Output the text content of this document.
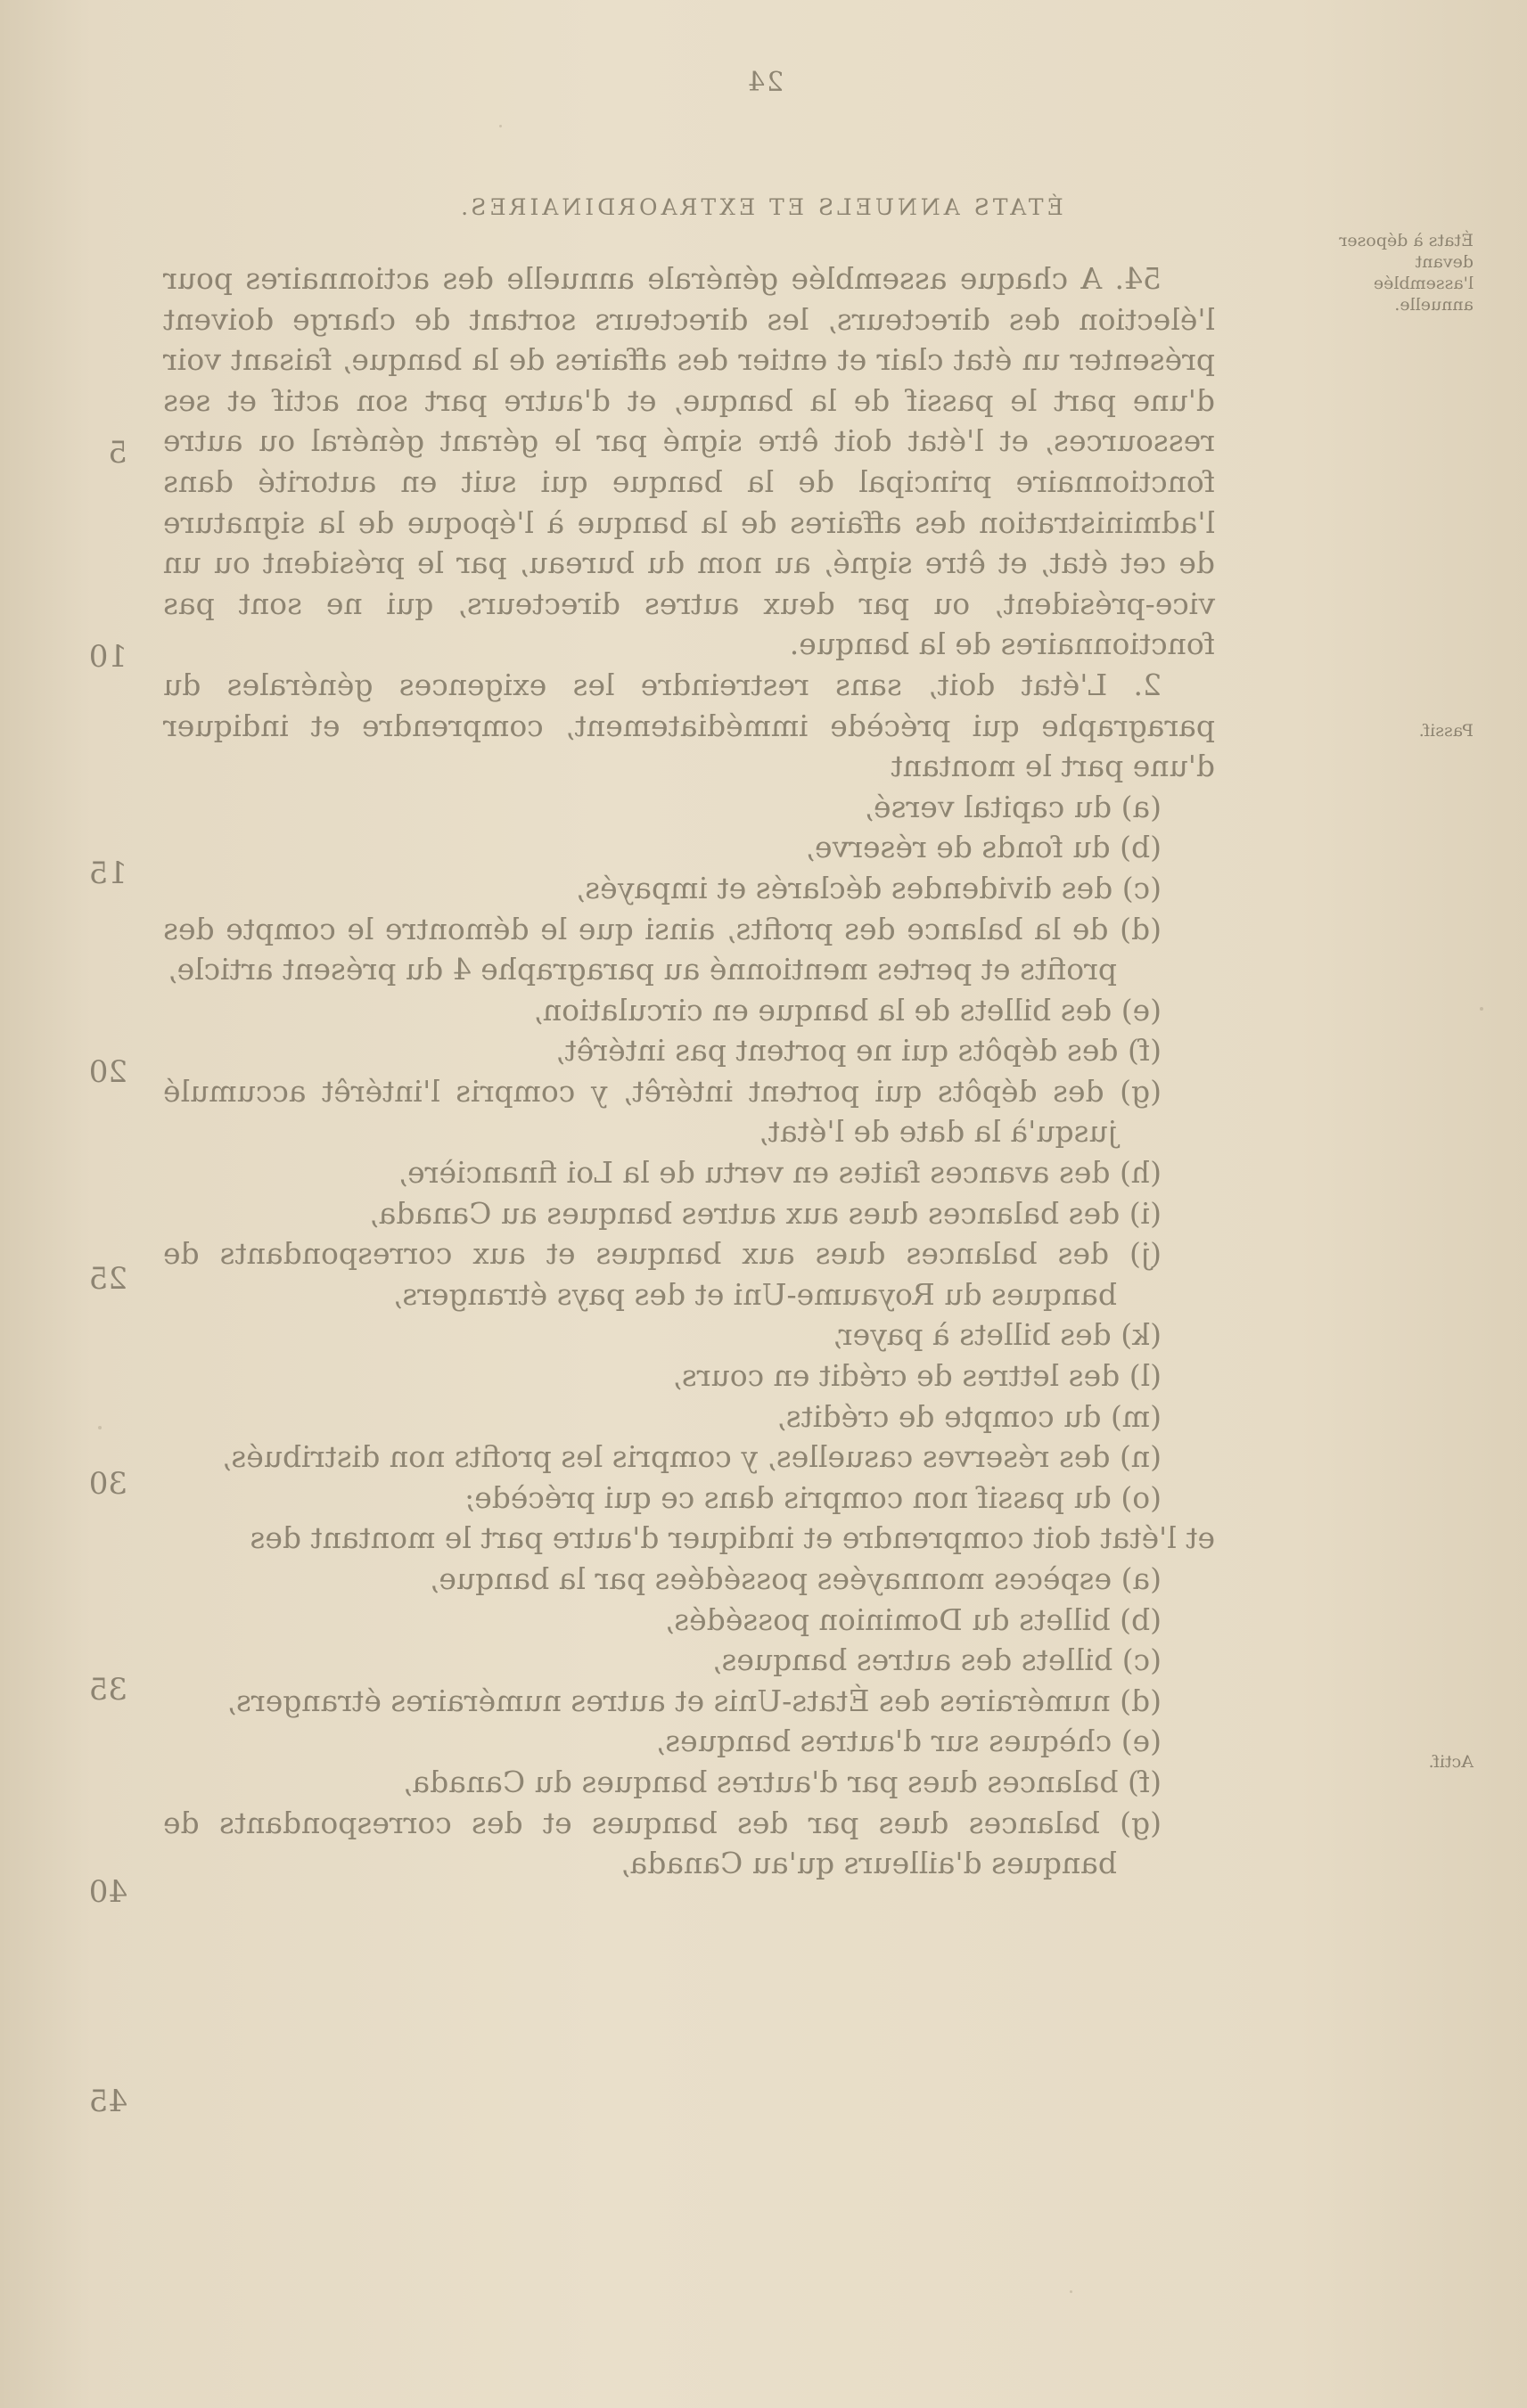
24
ÉTATS ANNUELS ET EXTRAORDINAIRES.

54. A chaque assemblée générale annuelle des actionnaires pour l'élection des directeurs, les directeurs sortant de charge doivent présenter un état clair et entier des affaires de la banque, faisant voir d'une part le passif de la banque, et d'autre part son actif et ses ressources, et l'état doit être signé par le gérant général ou autre fonctionnaire principal de la banque qui suit en autorité dans l'administration des affaires de la banque à l'époque de la signature de cet état, et être signé, au nom du bureau, par le président ou un vice-président, ou par deux autres directeurs, qui ne sont pas fonctionnaires de la banque.

2. L'état doit, sans restreindre les exigences générales du paragraphe qui précède immédiatement, comprendre et indiquer d'une part le montant

(a) du capital versé,

(b) du fonds de réserve,

(c) des dividendes déclarés et impayés,

(d) de la balance des profits, ainsi que le démontre le compte des profits et pertes mentionné au paragraphe 4 du présent article,

(e) des billets de la banque en circulation,

(f) des dépôts qui ne portent pas intérêt,

(g) des dépôts qui portent intérêt, y compris l'intérêt accumulé jusqu'à la date de l'état,

(h) des avances faites en vertu de la Loi financière,

(i) des balances dues aux autres banques au Canada,

(j) des balances dues aux banques et aux correspondants de banques du Royaume-Uni et des pays étrangers,

(k) des billets à payer,

(l) des lettres de crédit en cours,

(m) du compte de crédits,

(n) des réserves casuelles, y compris les profits non distribués,

(o) du passif non compris dans ce qui précède;

et l'état doit comprendre et indiquer d'autre part le montant des

(a) espèces monnayées possédées par la banque,

(b) billets du Dominion possédés,

(c) billets des autres banques,

(d) numéraires des États-Unis et autres numéraires étrangers,

(e) chèques sur d'autres banques,

(f) balances dues par d'autres banques du Canada,

(g) balances dues par des banques et des correspondants de banques d'ailleurs qu'au Canada,

5
10
15
20
25
30
35
40
45
États à déposer devant l'assemblée annuelle.
Passif.
Actif.
